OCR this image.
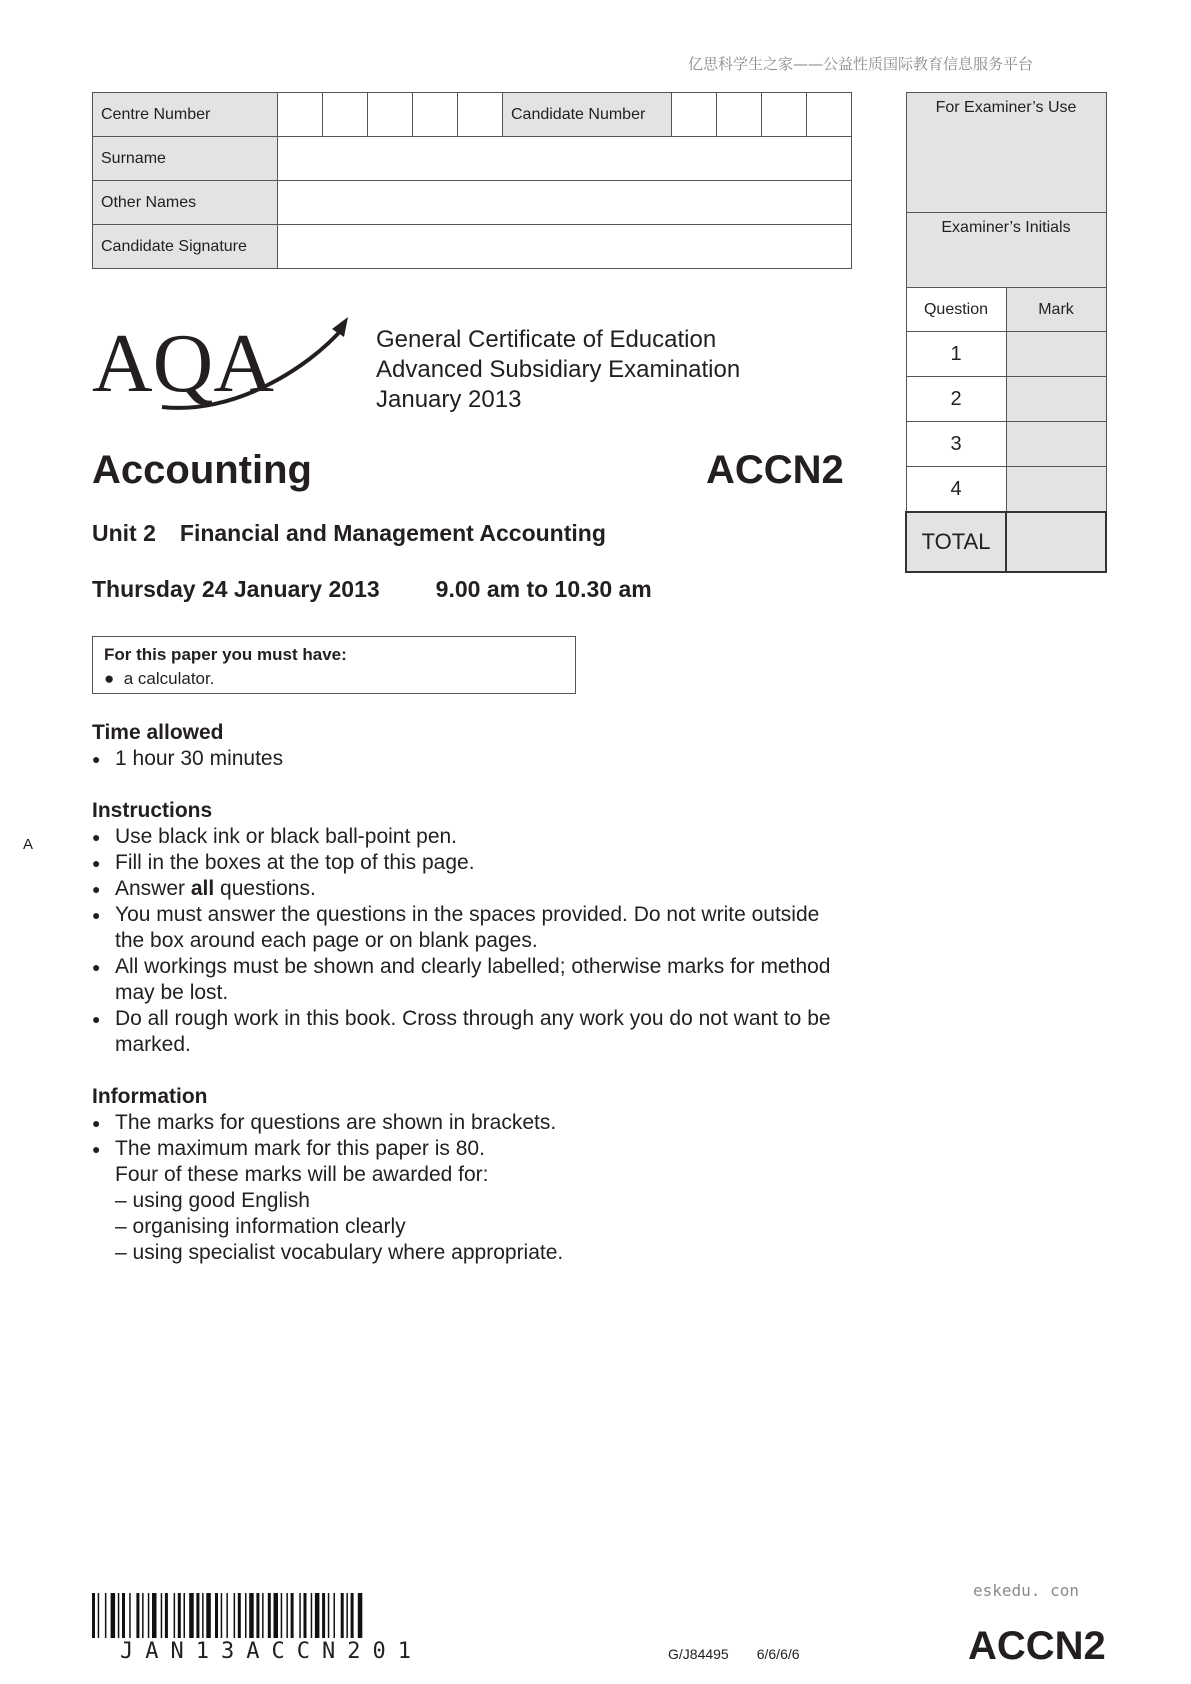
亿思科学生之家——公益性质国际教育信息服务平台
Centre Number						Candidate Number				
Surname										
Other Names										
Candidate Signature										
For Examiner’s Use	
Examiner’s Initials	
Question	Mark
1	
2	
3	
4	
TOTAL	
AQA	General Certificate of Education
Advanced Subsidiary Examination
January 2013
Accounting	ACCN2
Unit 2 Financial and Management Accounting
Thursday 24 January 2013 9.00 am to 10.30 am
For this paper you must have:
●  a calculator.
Time allowed
● 1 hour 30 minutes
A
Instructions
● Use black ink or black ball-point pen.
● Fill in the boxes at the top of this page.
● Answer all questions.
● You must answer the questions in the spaces provided. Do not write outside the box around each page or on blank pages.
● All workings must be shown and clearly labelled; otherwise marks for method may be lost.
● Do all rough work in this book. Cross through any work you do not want to be marked.
Information
● The marks for questions are shown in brackets.
● The maximum mark for this paper is 80.
Four of these marks will be awarded for:
– using good English
– organising information clearly
– using specialist vocabulary where appropriate.
JAN13ACCN201	G/J84495 6/6/6/6
eskedu. con
ACCN2
